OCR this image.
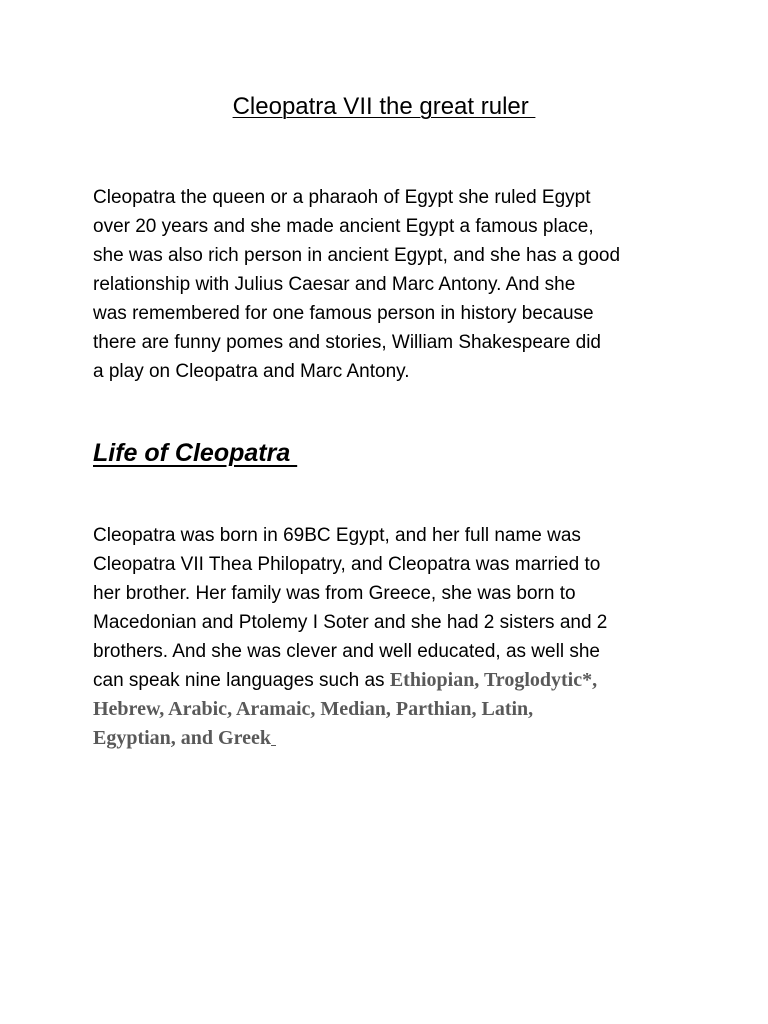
Cleopatra VII the great ruler

Cleopatra the queen or a pharaoh of Egypt she ruled Egypt
over 20 years and she made ancient Egypt a famous place,
she was also rich person in ancient Egypt, and she has a good
relationship with Julius Caesar and Marc Antony. And she
was remembered for one famous person in history because
there are funny pomes and stories, William Shakespeare did
a play on Cleopatra and Marc Antony.

Life of Cleopatra

Cleopatra was born in 69BC Egypt, and her full name was
Cleopatra VII Thea Philopatry, and Cleopatra was married to
her brother. Her family was from Greece, she was born to
Macedonian and Ptolemy I Soter and she had 2 sisters and 2
brothers. And she was clever and well educated, as well she
can speak nine languages such as Ethiopian, Troglodytic*,
Hebrew, Arabic, Aramaic, Median, Parthian, Latin,
Egyptian, and Greek
